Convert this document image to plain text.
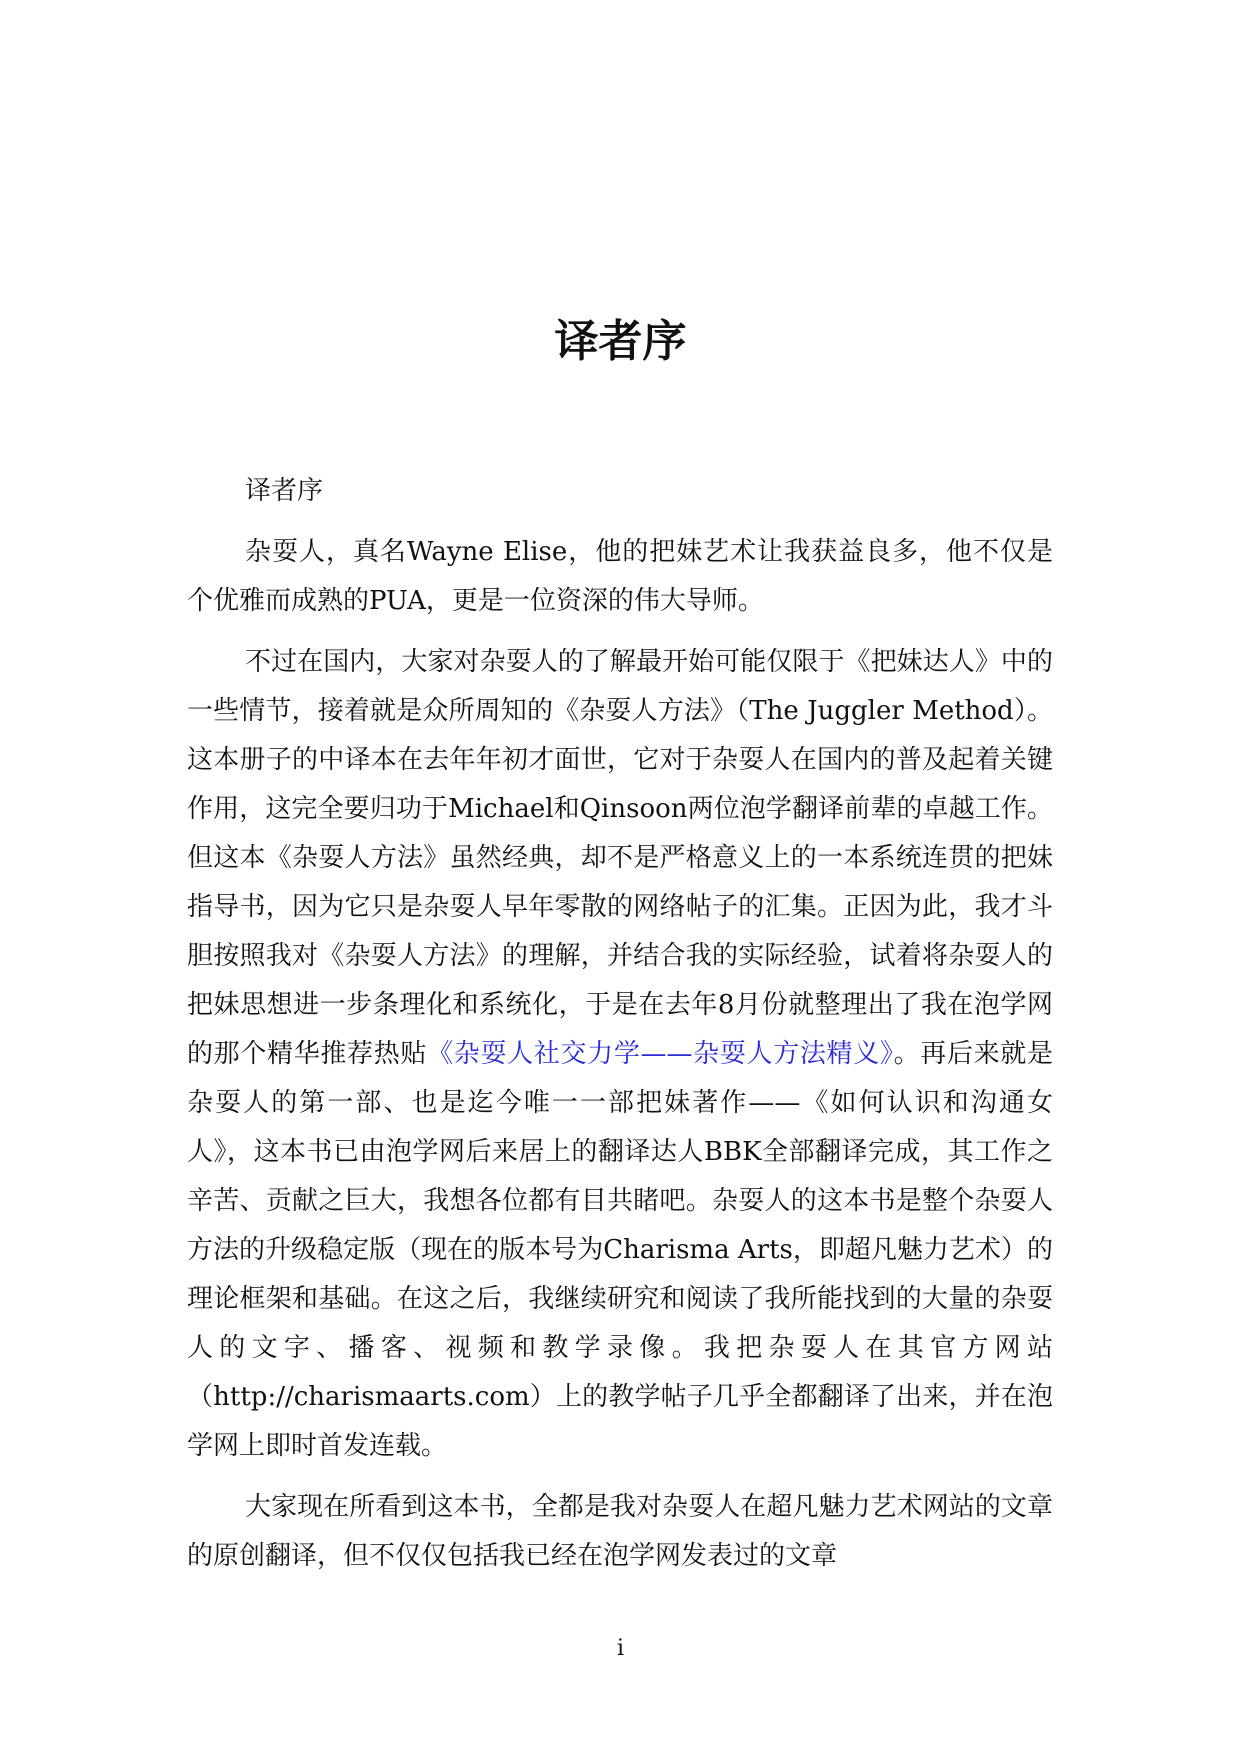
译者序

译者序

杂耍人，真名Wayne Elise，他的把妹艺术让我获益良多，他不仅是个优雅而成熟的PUA，更是一位资深的伟大导师。

不过在国内，大家对杂耍人的了解最开始可能仅限于《把妹达人》中的一些情节，接着就是众所周知的《杂耍人方法》（The Juggler Method）。这本册子的中译本在去年年初才面世，它对于杂耍人在国内的普及起着关键作用，这完全要归功于Michael和Qinsoon两位泡学翻译前辈的卓越工作。但这本《杂耍人方法》虽然经典，却不是严格意义上的一本系统连贯的把妹指导书，因为它只是杂耍人早年零散的网络帖子的汇集。正因为此，我才斗胆按照我对《杂耍人方法》的理解，并结合我的实际经验，试着将杂耍人的把妹思想进一步条理化和系统化，于是在去年8月份就整理出了我在泡学网的那个精华推荐热贴《杂耍人社交力学——杂耍人方法精义》。再后来就是杂耍人的第一部、也是迄今唯一一部把妹著作——《如何认识和沟通女人》，这本书已由泡学网后来居上的翻译达人BBK全部翻译完成，其工作之辛苦、贡献之巨大，我想各位都有目共睹吧。杂耍人的这本书是整个杂耍人方法的升级稳定版（现在的版本号为Charisma Arts，即超凡魅力艺术）的理论框架和基础。在这之后，我继续研究和阅读了我所能找到的大量的杂耍人的文字、播客、视频和教学录像。我把杂耍人在其官方网站（http://charismaarts.com）上的教学帖子几乎全都翻译了出来，并在泡学网上即时首发连载。

大家现在所看到这本书，全都是我对杂耍人在超凡魅力艺术网站的文章的原创翻译，但不仅仅包括我已经在泡学网发表过的文章

i
